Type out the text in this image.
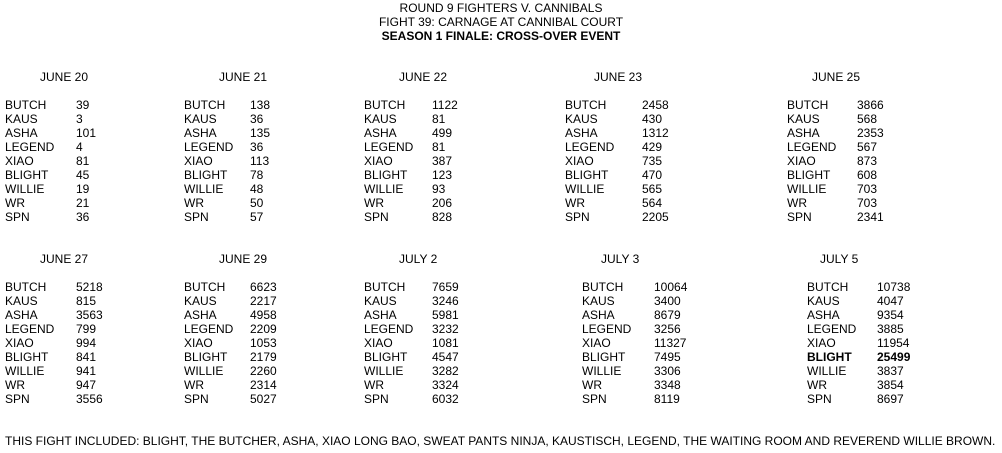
ROUND 9 FIGHTERS V. CANNIBALS
FIGHT 39: CARNAGE AT CANNIBAL COURT
SEASON 1 FINALE: CROSS-OVER EVENT
JUNE 20
BUTCH 39
KAUS	3
ASHA	101
LEGEND 4
XIAO	81
BLIGHT 45
WILLIE	19
WR	21
SPN	36
JUNE 21
BUTCH 138
KAUS	36
ASHA	135
LEGEND 36
XIAO	113
BLIGHT 78
WILLIE 48
WR	50
SPN	57
JUNE 22
BUTCH 1122
KAUS	81
ASHA	499
LEGEND 81
XIAO	387
BLIGHT 123
WILLIE 93
WR	206
SPN	828
JUNE 23
BUTCH	2458
KAUS	430
ASHA	1312
LEGEND 429
XIAO	735
BLIGHT	470
WILLIE	565
WR	564
SPN	2205
JUNE 25
BUTCH 3866
KAUS	568
ASHA	2353
LEGEND 567
XIAO	873
BLIGHT 608
WILLIE	703
WR	703
SPN	2341
JUNE 27
BUTCH 5218
KAUS	815
ASHA	3563
LEGEND 799
XIAO	994
BLIGHT 841
WILLIE	941
WR	947
SPN	3556
JUNE 29
BUTCH 6623
KAUS	2217
ASHA	4958
LEGEND 2209
XIAO	1053
BLIGHT 2179
WILLIE 2260
WR	2314
SPN	5027
JULY 2
BUTCH 7659
KAUS	3246
ASHA	5981
LEGEND 3232
XIAO	1081
BLIGHT 4547
WILLIE 3282
WR	3324
SPN	6032
JULY 3
BUTCH	10064
KAUS	3400
ASHA	8679
LEGEND 3256
XIAO	11327
BLIGHT 7495
WILLIE	3306
WR	3348
SPN	8119
JULY 5
BUTCH 10738
KAUS	4047
ASHA	9354
LEGEND 3885
XIAO	11954
BLIGHT 25499
WILLIE	3837
WR	3854
SPN	8697
THIS FIGHT INCLUDED: BLIGHT, THE BUTCHER, ASHA, XIAO LONG BAO, SWEAT PANTS NINJA, KAUSTISCH, LEGEND, THE WAITING ROOM AND REVEREND WILLIE BROWN.
